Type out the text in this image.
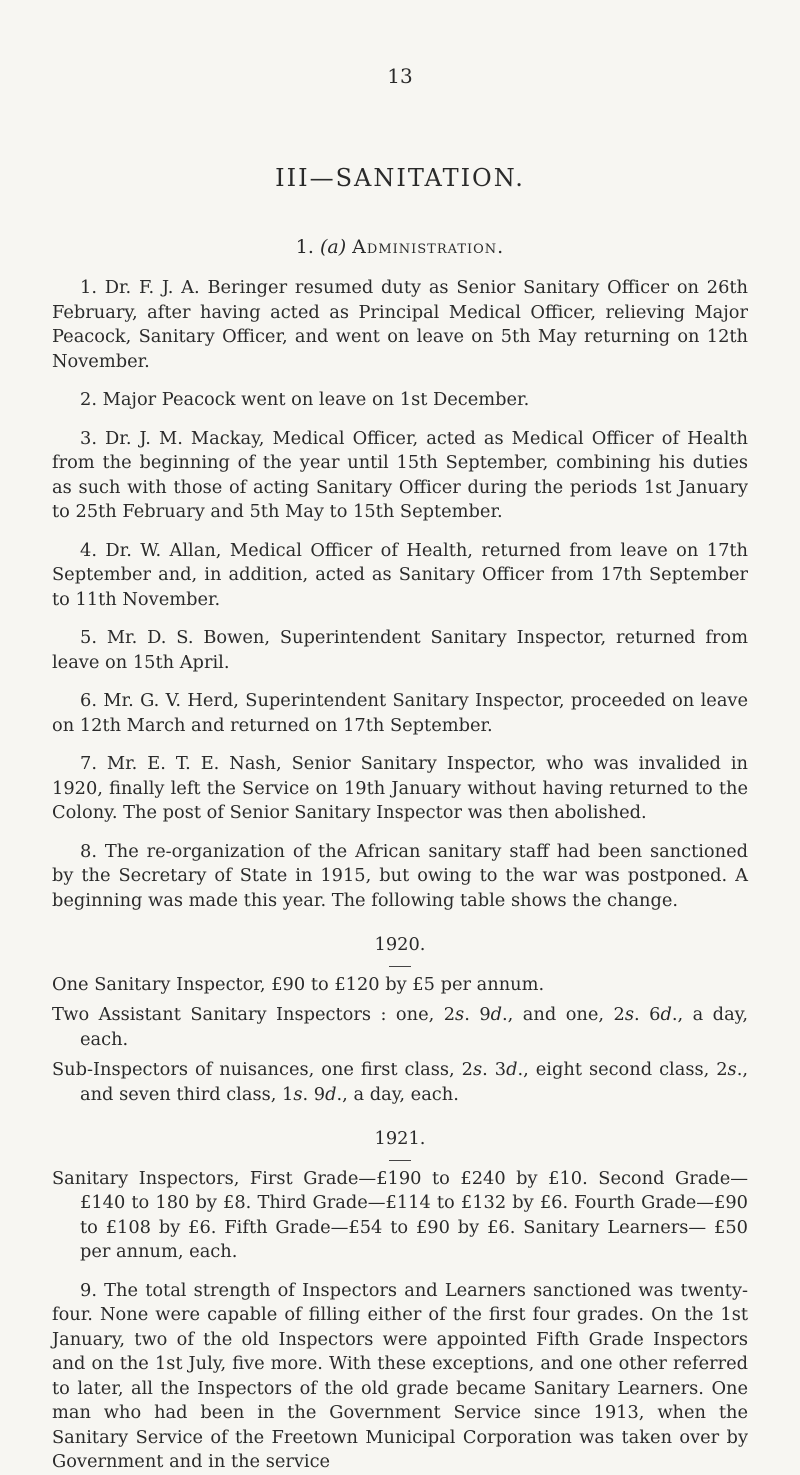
13
III—SANITATION.
1. (a) Administration.

1. Dr. F. J. A. Beringer resumed duty as Senior Sanitary Officer on 26th February, after having acted as Principal Medical Officer, relieving Major Peacock, Sanitary Officer, and went on leave on 5th May returning on 12th November.

2. Major Peacock went on leave on 1st December.

3. Dr. J. M. Mackay, Medical Officer, acted as Medical Officer of Health from the beginning of the year until 15th September, combining his duties as such with those of acting Sanitary Officer during the periods 1st January to 25th February and 5th May to 15th September.

4. Dr. W. Allan, Medical Officer of Health, returned from leave on 17th September and, in addition, acted as Sanitary Officer from 17th September to 11th November.

5. Mr. D. S. Bowen, Superintendent Sanitary Inspector, returned from leave on 15th April.

6. Mr. G. V. Herd, Superintendent Sanitary Inspector, proceeded on leave on 12th March and returned on 17th September.

7. Mr. E. T. E. Nash, Senior Sanitary Inspector, who was invalided in 1920, finally left the Service on 19th January without having returned to the Colony. The post of Senior Sanitary Inspector was then abolished.

8. The re-organization of the African sanitary staff had been sanctioned by the Secretary of State in 1915, but owing to the war was postponed. A beginning was made this year. The following table shows the change.

1920.

One Sanitary Inspector, £90 to £120 by £5 per annum.

Two Assistant Sanitary Inspectors : one, 2s. 9d., and one, 2s. 6d., a day, each.

Sub-Inspectors of nuisances, one first class, 2s. 3d., eight second class, 2s., and seven third class, 1s. 9d., a day, each.

1921.

Sanitary Inspectors, First Grade—£190 to £240 by £10. Second Grade—£140 to 180 by £8. Third Grade—£114 to £132 by £6. Fourth Grade—£90 to £108 by £6. Fifth Grade—£54 to £90 by £6. Sanitary Learners— £50 per annum, each.

9. The total strength of Inspectors and Learners sanctioned was twenty-four. None were capable of filling either of the first four grades. On the 1st January, two of the old Inspectors were appointed Fifth Grade Inspectors and on the 1st July, five more. With these exceptions, and one other referred to later, all the Inspectors of the old grade became Sanitary Learners. One man who had been in the Government Service since 1913, when the Sanitary Service of the Freetown Municipal Corporation was taken over by Government and in the service
